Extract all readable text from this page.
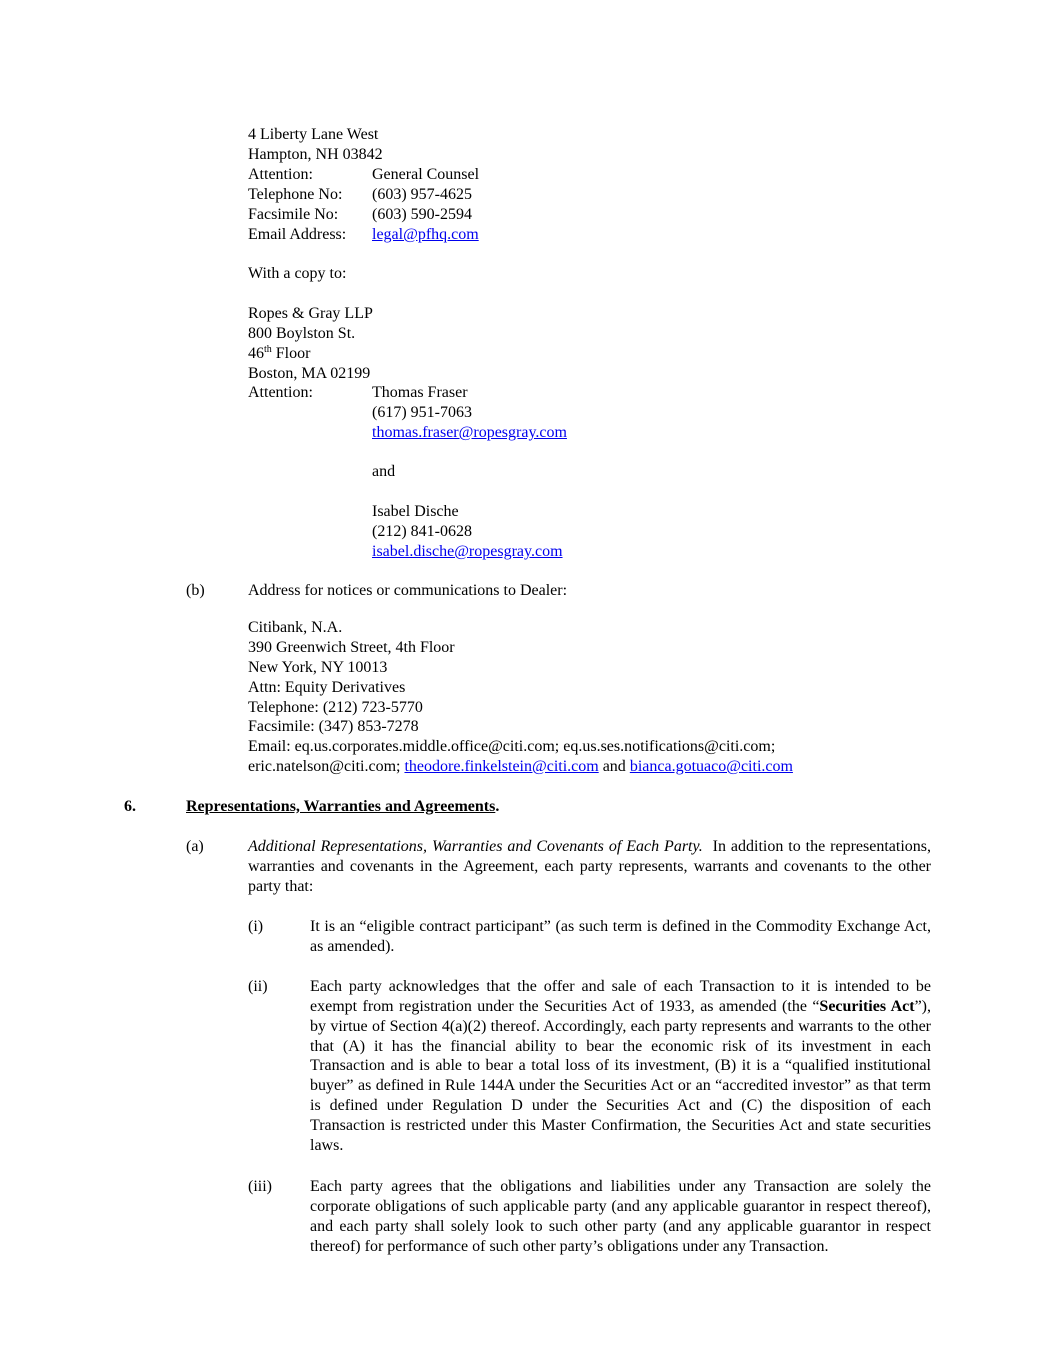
4 Liberty Lane West
Hampton, NH 03842
Attention:	General Counsel
Telephone No: (603) 957-4625
Facsimile No: (603) 590-2594
Email Address: legal@pfhq.com
With a copy to:
Ropes & Gray LLP
800 Boylston St.
46th Floor
Boston, MA 02199
Attention:	Thomas Fraser
(617) 951-7063
thomas.fraser@ropesgray.com
and
Isabel Dische
(212) 841-0628
isabel.dische@ropesgray.com
(b)	Address for notices or communications to Dealer:
Citibank, N.A.
390 Greenwich Street, 4th Floor
New York, NY 10013
Attn: Equity Derivatives
Telephone: (212) 723-5770
Facsimile: (347) 853-7278
Email: eq.us.corporates.middle.office@citi.com; eq.us.ses.notifications@citi.com;
eric.natelson@citi.com; theodore.finkelstein@citi.com and bianca.gotuaco@citi.com
6.	Representations, Warranties and Agreements.
(a)	Additional Representations, Warranties and Covenants of Each Party. In addition to the representations, warranties and covenants in the Agreement, each party represents, warrants and covenants to the other party that:
(i)	It is an “eligible contract participant” (as such term is defined in the Commodity Exchange Act, as amended).
(ii)	Each party acknowledges that the offer and sale of each Transaction to it is intended to be exempt from registration under the Securities Act of 1933, as amended (the “Securities Act”), by virtue of Section 4(a)(2) thereof. Accordingly, each party represents and warrants to the other that (A) it has the financial ability to bear the economic risk of its investment in each Transaction and is able to bear a total loss of its investment, (B) it is a “qualified institutional buyer” as defined in Rule 144A under the Securities Act or an “accredited investor” as that term is defined under Regulation D under the Securities Act and (C) the disposition of each Transaction is restricted under this Master Confirmation, the Securities Act and state securities laws.
(iii) Each party agrees that the obligations and liabilities under any Transaction are solely the corporate obligations of such applicable party (and any applicable guarantor in respect thereof), and each party shall solely look to such other party (and any applicable guarantor in respect thereof) for performance of such other party’s obligations under any Transaction.
